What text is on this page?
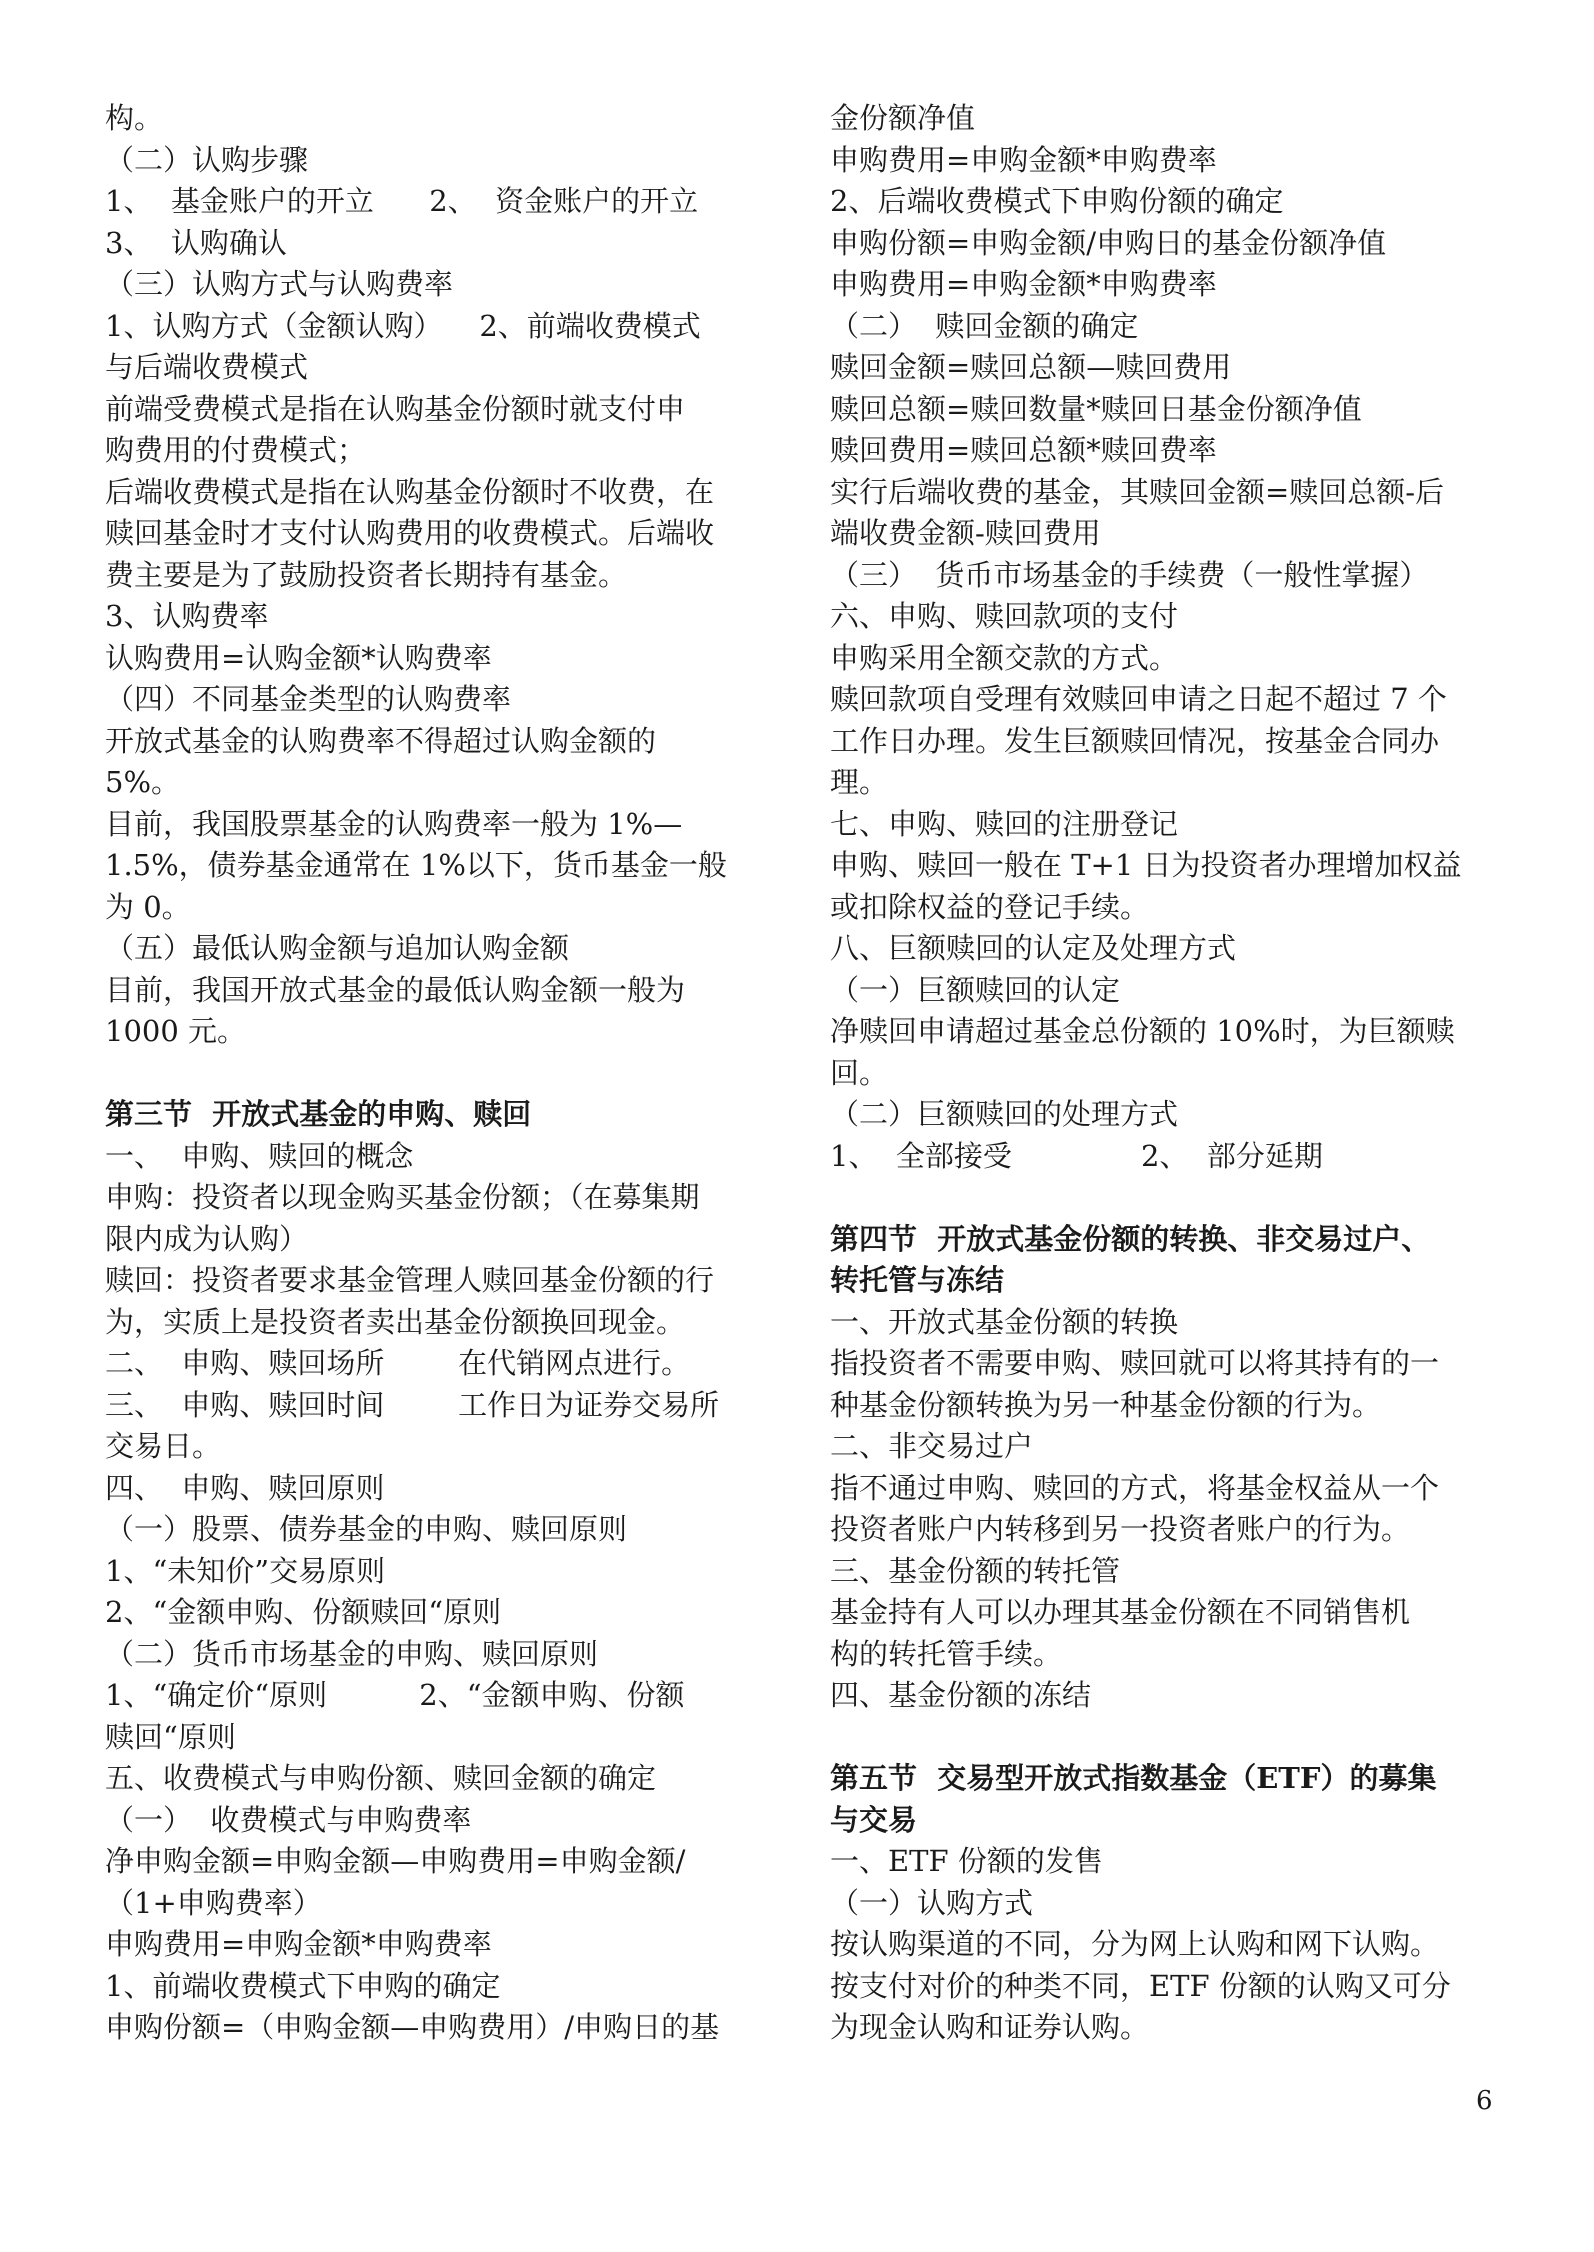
构。
（二）认购步骤
1、  基金账户的开立      2、  资金账户的开立
3、  认购确认
（三）认购方式与认购费率
1、认购方式（金额认购）    2、前端收费模式
与后端收费模式
前端受费模式是指在认购基金份额时就支付申
购费用的付费模式；
后端收费模式是指在认购基金份额时不收费，在
赎回基金时才支付认购费用的收费模式。后端收
费主要是为了鼓励投资者长期持有基金。
3、认购费率
认购费用=认购金额*认购费率
（四）不同基金类型的认购费率
开放式基金的认购费率不得超过认购金额的
5%。
目前，我国股票基金的认购费率一般为 1%—
1.5%，债券基金通常在 1%以下，货币基金一般
为 0。
（五）最低认购金额与追加认购金额
目前，我国开放式基金的最低认购金额一般为
1000 元。
第三节  开放式基金的申购、赎回
一、  申购、赎回的概念
申购：投资者以现金购买基金份额；（在募集期
限内成为认购）
赎回：投资者要求基金管理人赎回基金份额的行
为，实质上是投资者卖出基金份额换回现金。
二、  申购、赎回场所        在代销网点进行。
三、  申购、赎回时间        工作日为证券交易所
交易日。
四、  申购、赎回原则
（一）股票、债券基金的申购、赎回原则
1、“未知价”交易原则
2、“金额申购、份额赎回“原则
（二）货币市场基金的申购、赎回原则
1、“确定价“原则          2、“金额申购、份额
赎回“原则
五、收费模式与申购份额、赎回金额的确定
（一）  收费模式与申购费率
净申购金额=申购金额—申购费用=申购金额/
（1+申购费率）
申购费用=申购金额*申购费率
1、前端收费模式下申购的确定
申购份额=（申购金额—申购费用）/申购日的基
金份额净值
申购费用=申购金额*申购费率
2、后端收费模式下申购份额的确定
申购份额=申购金额/申购日的基金份额净值
申购费用=申购金额*申购费率
（二）  赎回金额的确定
赎回金额=赎回总额—赎回费用
赎回总额=赎回数量*赎回日基金份额净值
赎回费用=赎回总额*赎回费率
实行后端收费的基金，其赎回金额=赎回总额-后
端收费金额-赎回费用
（三）  货币市场基金的手续费（一般性掌握）
六、申购、赎回款项的支付
申购采用全额交款的方式。
赎回款项自受理有效赎回申请之日起不超过 7 个
工作日办理。发生巨额赎回情况，按基金合同办
理。
七、申购、赎回的注册登记
申购、赎回一般在 T+1 日为投资者办理增加权益
或扣除权益的登记手续。
八、巨额赎回的认定及处理方式
（一）巨额赎回的认定
净赎回申请超过基金总份额的 10%时，为巨额赎
回。
（二）巨额赎回的处理方式
1、  全部接受              2、  部分延期
第四节  开放式基金份额的转换、非交易过户、
转托管与冻结
一、开放式基金份额的转换
指投资者不需要申购、赎回就可以将其持有的一
种基金份额转换为另一种基金份额的行为。
二、非交易过户
指不通过申购、赎回的方式，将基金权益从一个
投资者账户内转移到另一投资者账户的行为。
三、基金份额的转托管
基金持有人可以办理其基金份额在不同销售机
构的转托管手续。
四、基金份额的冻结
第五节  交易型开放式指数基金（ETF）的募集
与交易
一、ETF 份额的发售
（一）认购方式
按认购渠道的不同，分为网上认购和网下认购。
按支付对价的种类不同，ETF 份额的认购又可分
为现金认购和证券认购。
6
